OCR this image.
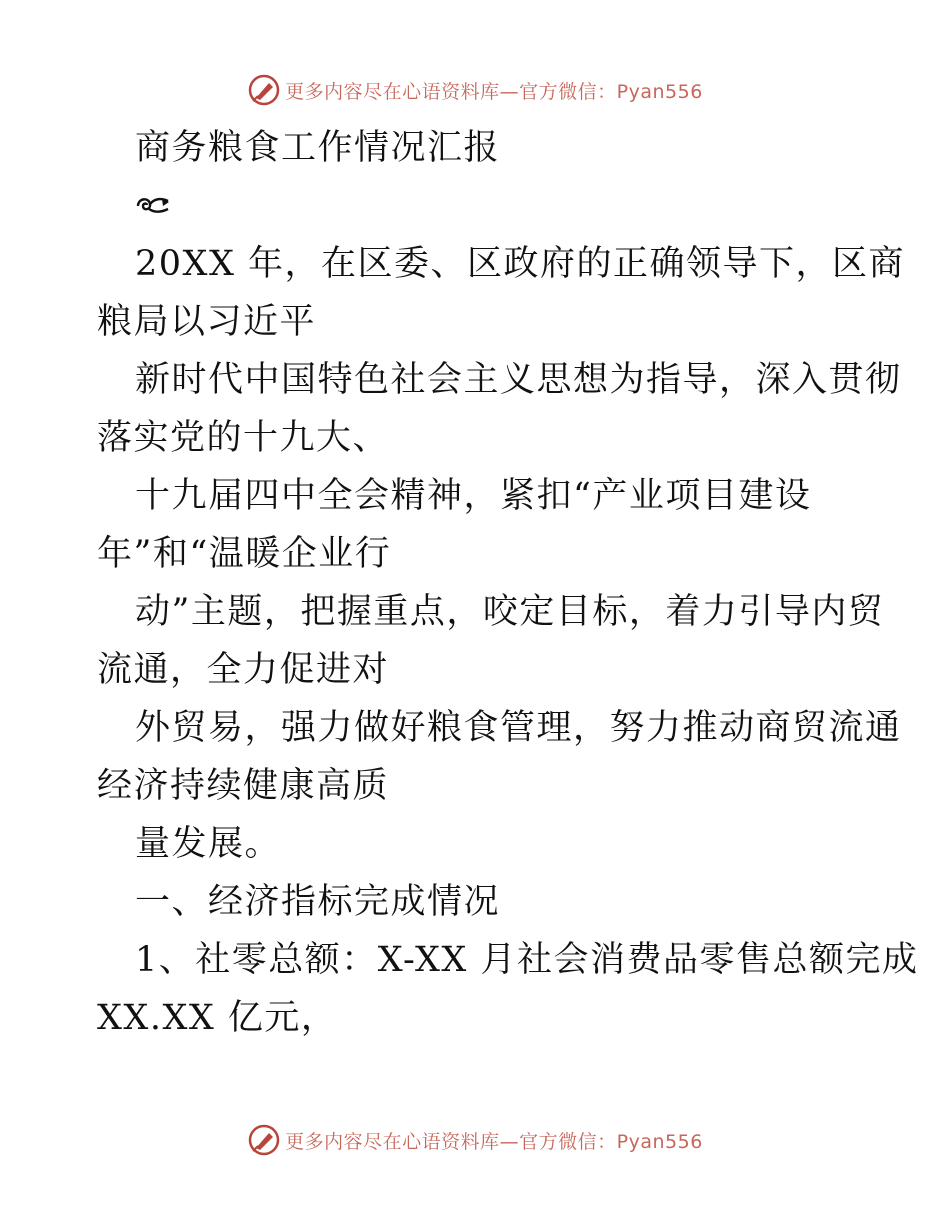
更多内容尽在心语资料库—官方微信：Pyan556
商务粮食工作情况汇报
20XX 年，在区委、区政府的正确领导下，区商
粮局以习近平
新时代中国特色社会主义思想为指导，深入贯彻
落实党的十九大、
十九届四中全会精神，紧扣“产业项目建设
年”和“温暖企业行
动”主题，把握重点，咬定目标，着力引导内贸
流通，全力促进对
外贸易，强力做好粮食管理，努力推动商贸流通
经济持续健康高质
量发展。
一、经济指标完成情况
1、社零总额：X-XX 月社会消费品零售总额完成
XX.XX 亿元，
更多内容尽在心语资料库—官方微信：Pyan556
